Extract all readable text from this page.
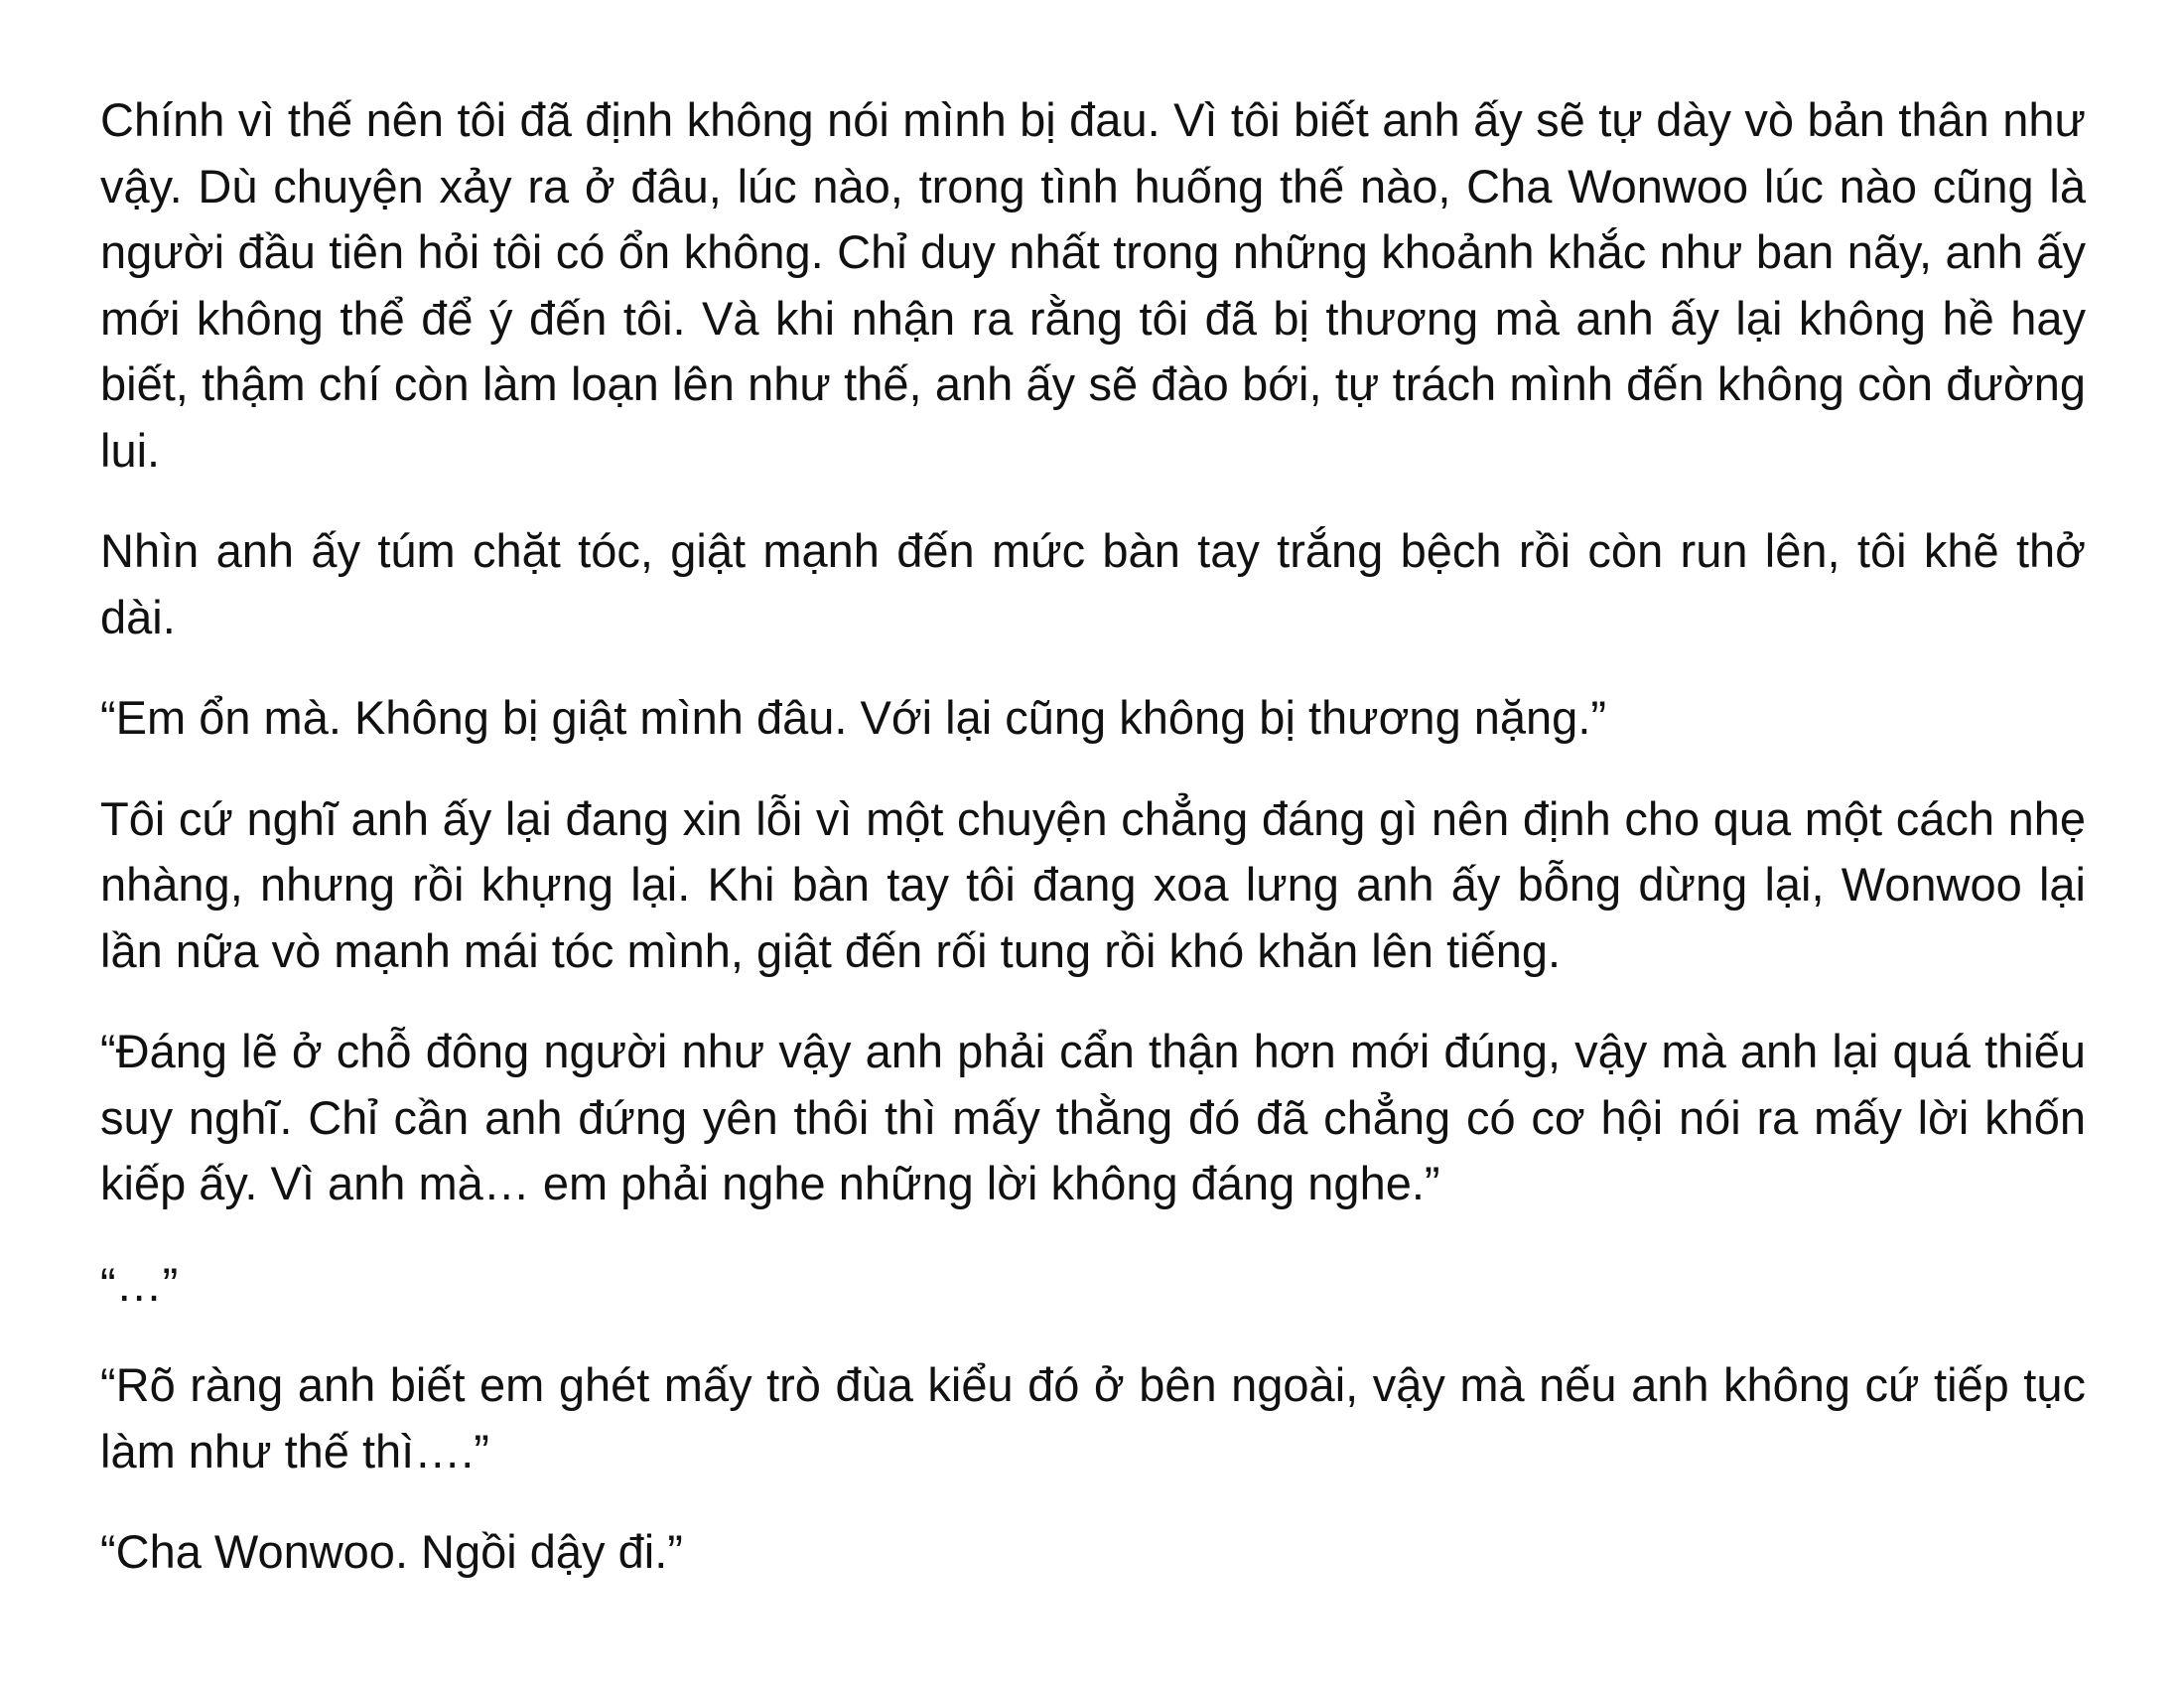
Chính vì thế nên tôi đã định không nói mình bị đau. Vì tôi biết anh ấy sẽ tự dày vò bản thân như vậy. Dù chuyện xảy ra ở đâu, lúc nào, trong tình huống thế nào, Cha Wonwoo lúc nào cũng là người đầu tiên hỏi tôi có ổn không. Chỉ duy nhất trong những khoảnh khắc như ban nãy, anh ấy mới không thể để ý đến tôi. Và khi nhận ra rằng tôi đã bị thương mà anh ấy lại không hề hay biết, thậm chí còn làm loạn lên như thế, anh ấy sẽ đào bới, tự trách mình đến không còn đường lui.

Nhìn anh ấy túm chặt tóc, giật mạnh đến mức bàn tay trắng bệch rồi còn run lên, tôi khẽ thở dài.

“Em ổn mà. Không bị giật mình đâu. Với lại cũng không bị thương nặng.”

Tôi cứ nghĩ anh ấy lại đang xin lỗi vì một chuyện chẳng đáng gì nên định cho qua một cách nhẹ nhàng, nhưng rồi khựng lại. Khi bàn tay tôi đang xoa lưng anh ấy bỗng dừng lại, Wonwoo lại lần nữa vò mạnh mái tóc mình, giật đến rối tung rồi khó khăn lên tiếng.

“Đáng lẽ ở chỗ đông người như vậy anh phải cẩn thận hơn mới đúng, vậy mà anh lại quá thiếu suy nghĩ. Chỉ cần anh đứng yên thôi thì mấy thằng đó đã chẳng có cơ hội nói ra mấy lời khốn kiếp ấy. Vì anh mà… em phải nghe những lời không đáng nghe.”

“…”

“Rõ ràng anh biết em ghét mấy trò đùa kiểu đó ở bên ngoài, vậy mà nếu anh không cứ tiếp tục làm như thế thì….”

“Cha Wonwoo. Ngồi dậy đi.”
